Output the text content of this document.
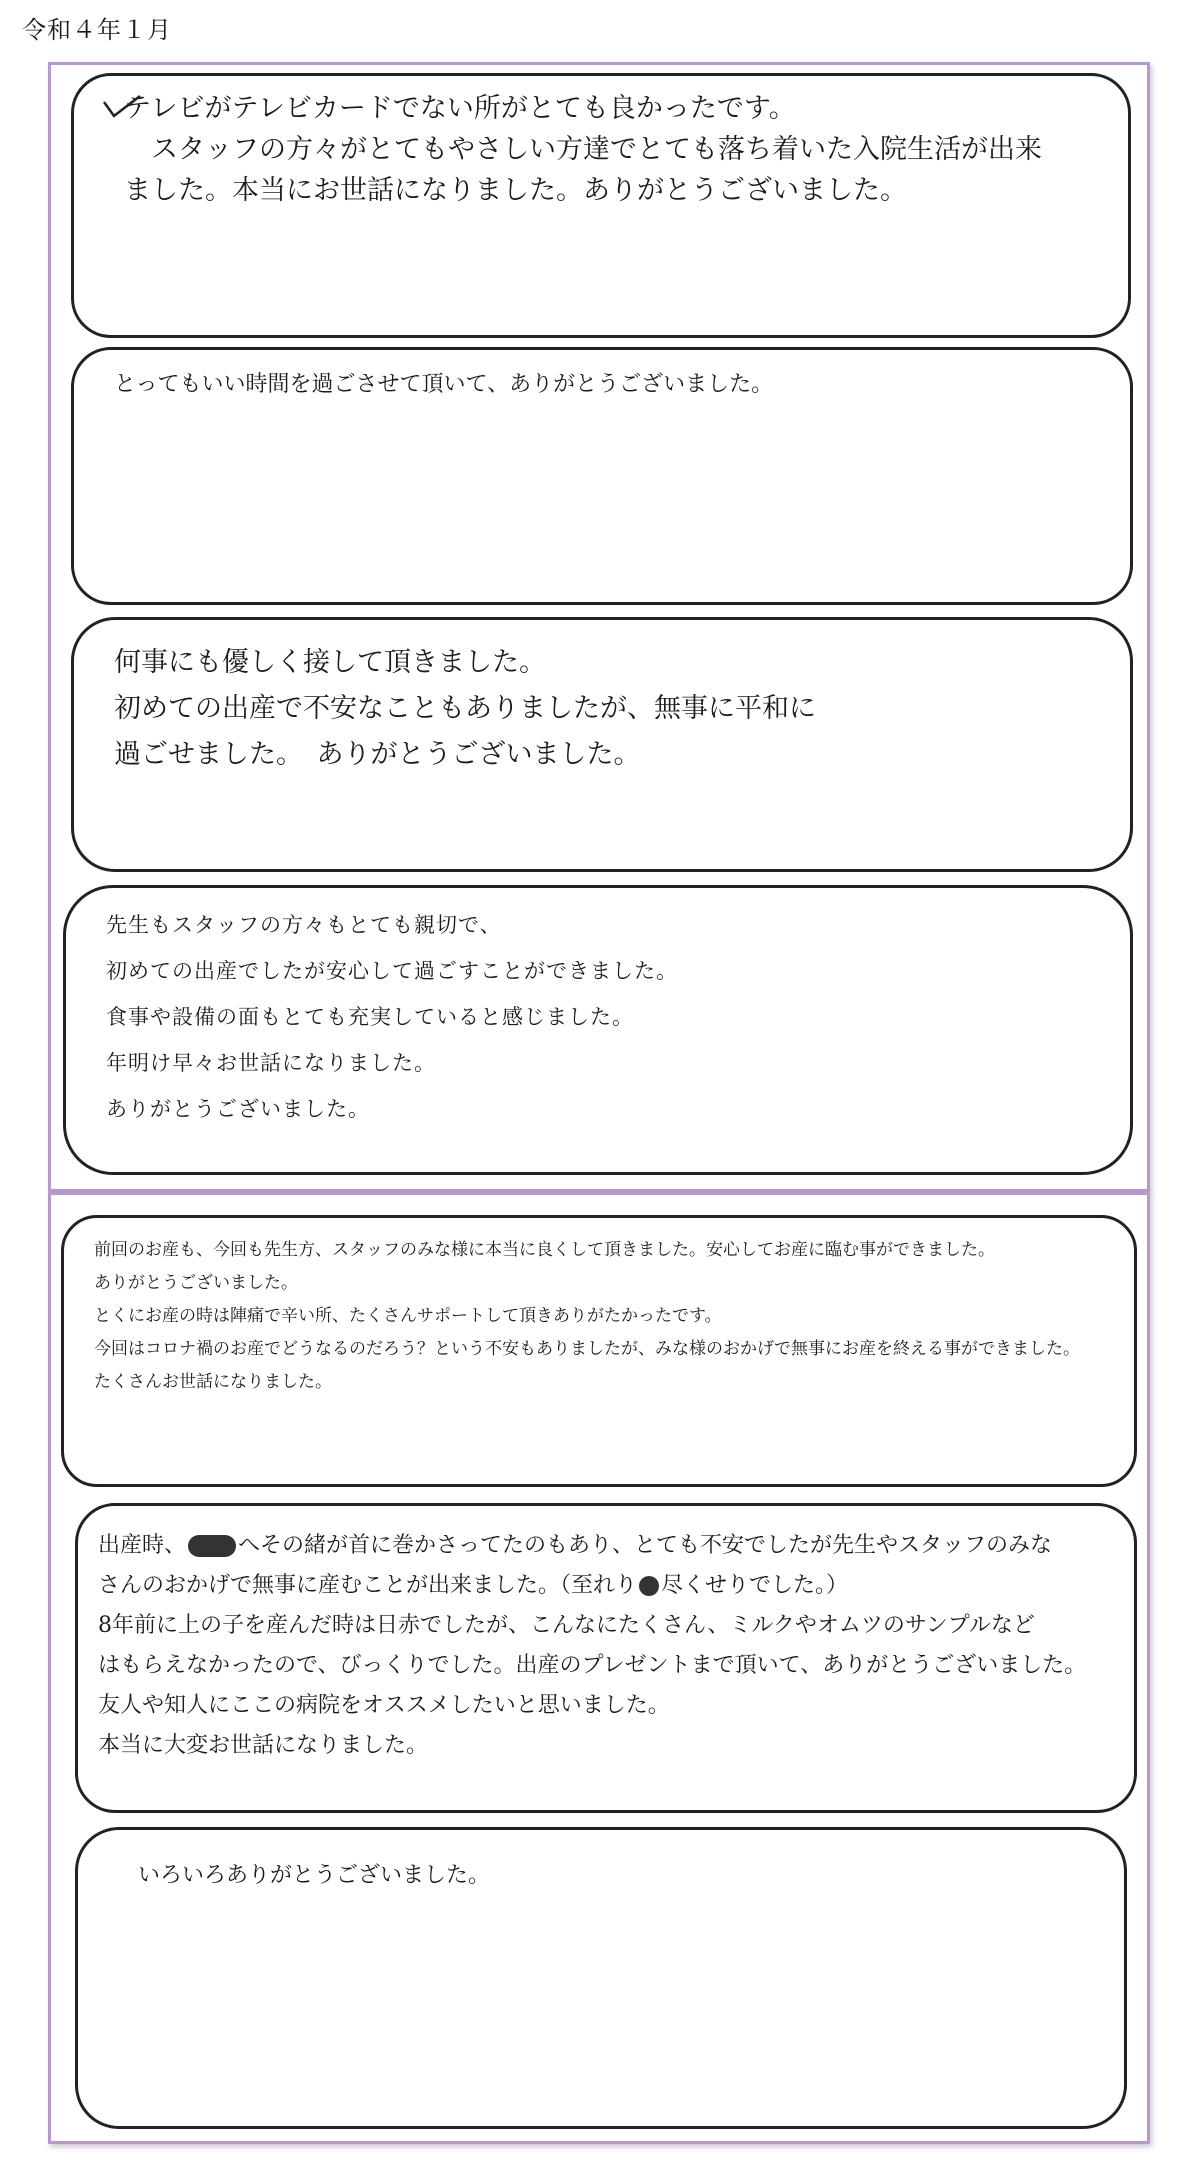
令和４年１月

テレビがテレビカードでない所がとても良かったです。

　スタッフの方々がとてもやさしい方達でとても落ち着いた入院生活が出来

ました。本当にお世話になりました。ありがとうございました。

とってもいい時間を過ごさせて頂いて、ありがとうございました。

何事にも優しく接して頂きました。

初めての出産で不安なこともありましたが、無事に平和に

過ごせました。　ありがとうございました。

先生もスタッフの方々もとても親切で、

初めての出産でしたが安心して過ごすことができました。

食事や設備の面もとても充実していると感じました。

年明け早々お世話になりました。

ありがとうございました。

前回のお産も、今回も先生方、スタッフのみな様に本当に良くして頂きました。安心してお産に臨む事ができました。

ありがとうございました。

とくにお産の時は陣痛で辛い所、たくさんサポートして頂きありがたかったです。

今回はコロナ禍のお産でどうなるのだろう？という不安もありましたが、みな様のおかげで無事にお産を終える事ができました。

たくさんお世話になりました。

出産時、 へその緒が首に巻かさってたのもあり、とても不安でしたが先生やスタッフのみな

さんのおかげで無事に産むことが出来ました。（至れり 尽くせりでした。）

8年前に上の子を産んだ時は日赤でしたが、こんなにたくさん、ミルクやオムツのサンプルなど

はもらえなかったので、びっくりでした。出産のプレゼントまで頂いて、ありがとうございました。

友人や知人にここの病院をオススメしたいと思いました。

本当に大変お世話になりました。

いろいろありがとうございました。
